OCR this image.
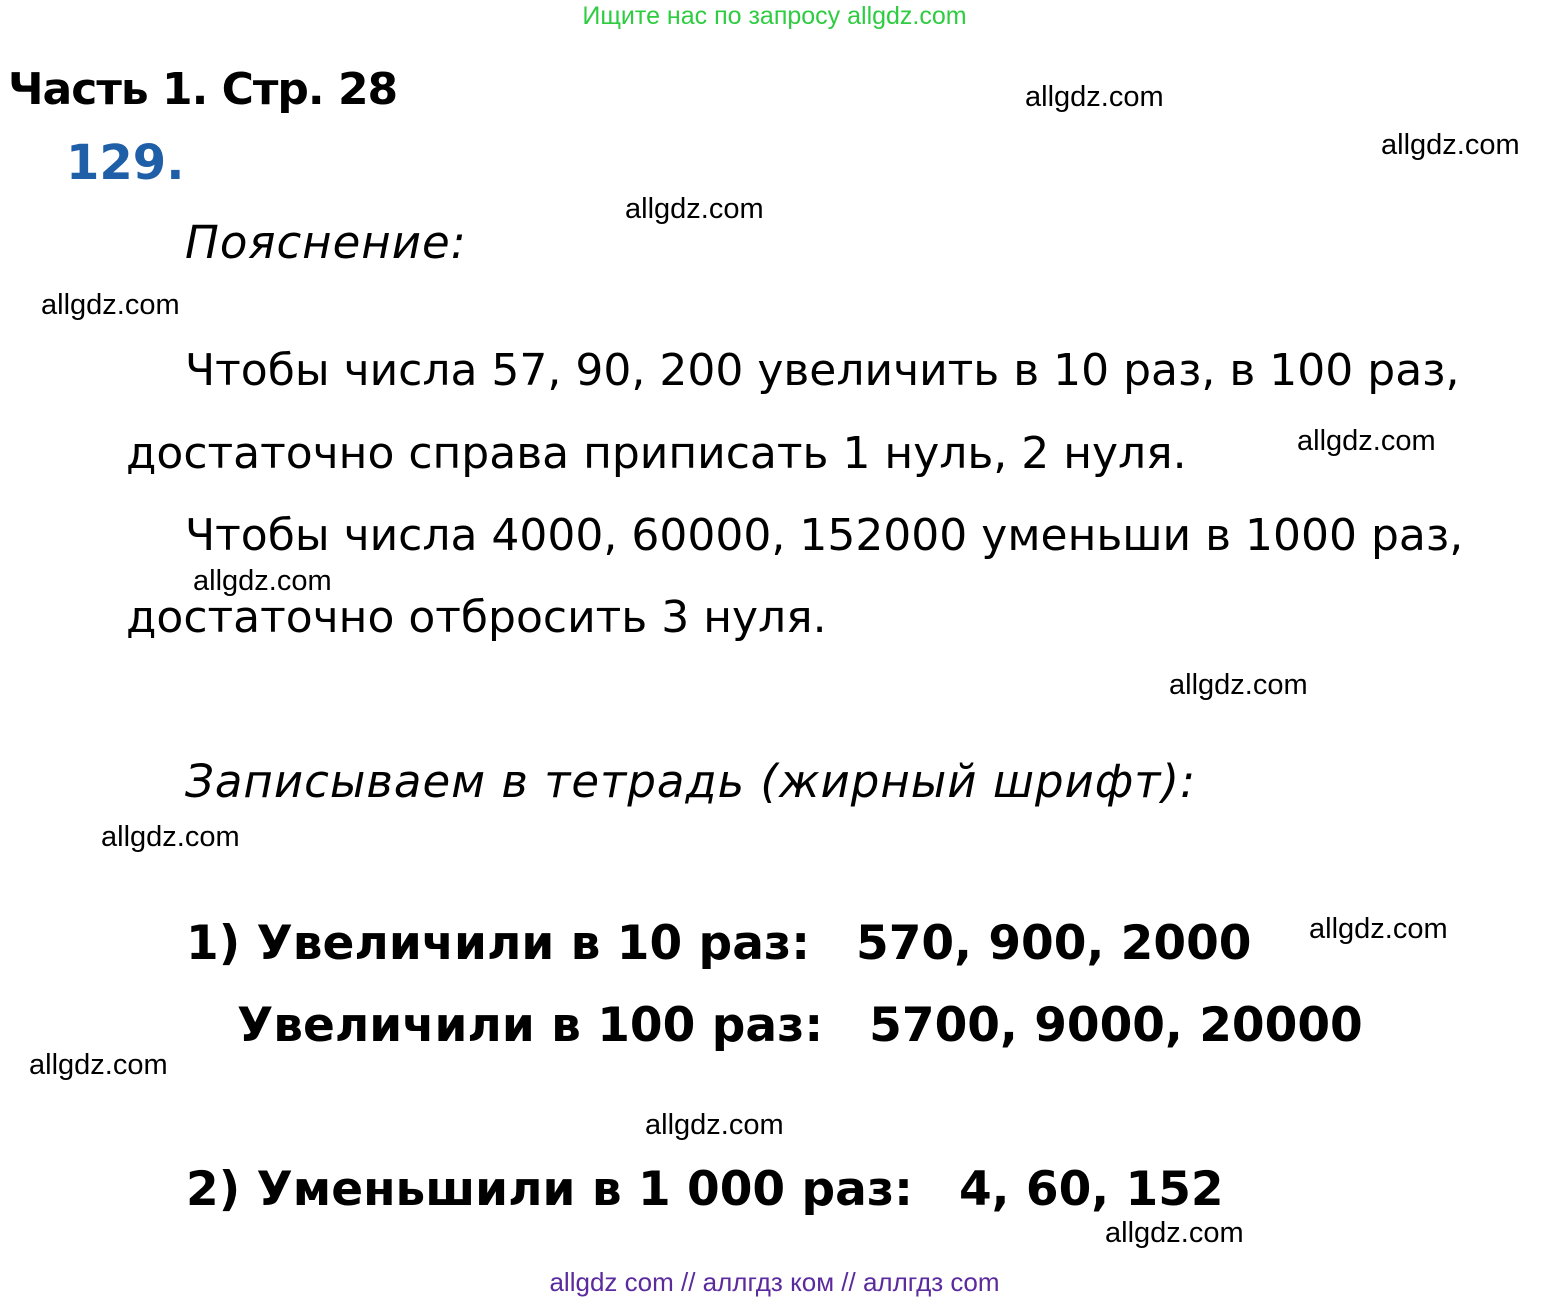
Ищите нас по запросу allgdz.com
Часть 1. Стр. 28
129.
Пояснение:
Чтобы числа 57, 90, 200 увеличить в 10 раз, в 100 раз,
достаточно справа приписать 1 нуль, 2 нуля.
Чтобы числа 4000, 60000, 152000 уменьши в 1000 раз,
достаточно отбросить 3 нуля.
Записываем в тетрадь (жирный шрифт):
1) Увеличили в 10 раз: 570, 900, 2000
Увеличили в 100 раз: 5700, 9000, 20000
2) Уменьшили в 1 000 раз: 4, 60, 152
allgdz.com
allgdz.com
allgdz.com
allgdz.com
allgdz.com
allgdz.com
allgdz.com
allgdz.com
allgdz.com
allgdz.com
allgdz.com
allgdz.com
allgdz com // аллгдз ком // аллгдз com
